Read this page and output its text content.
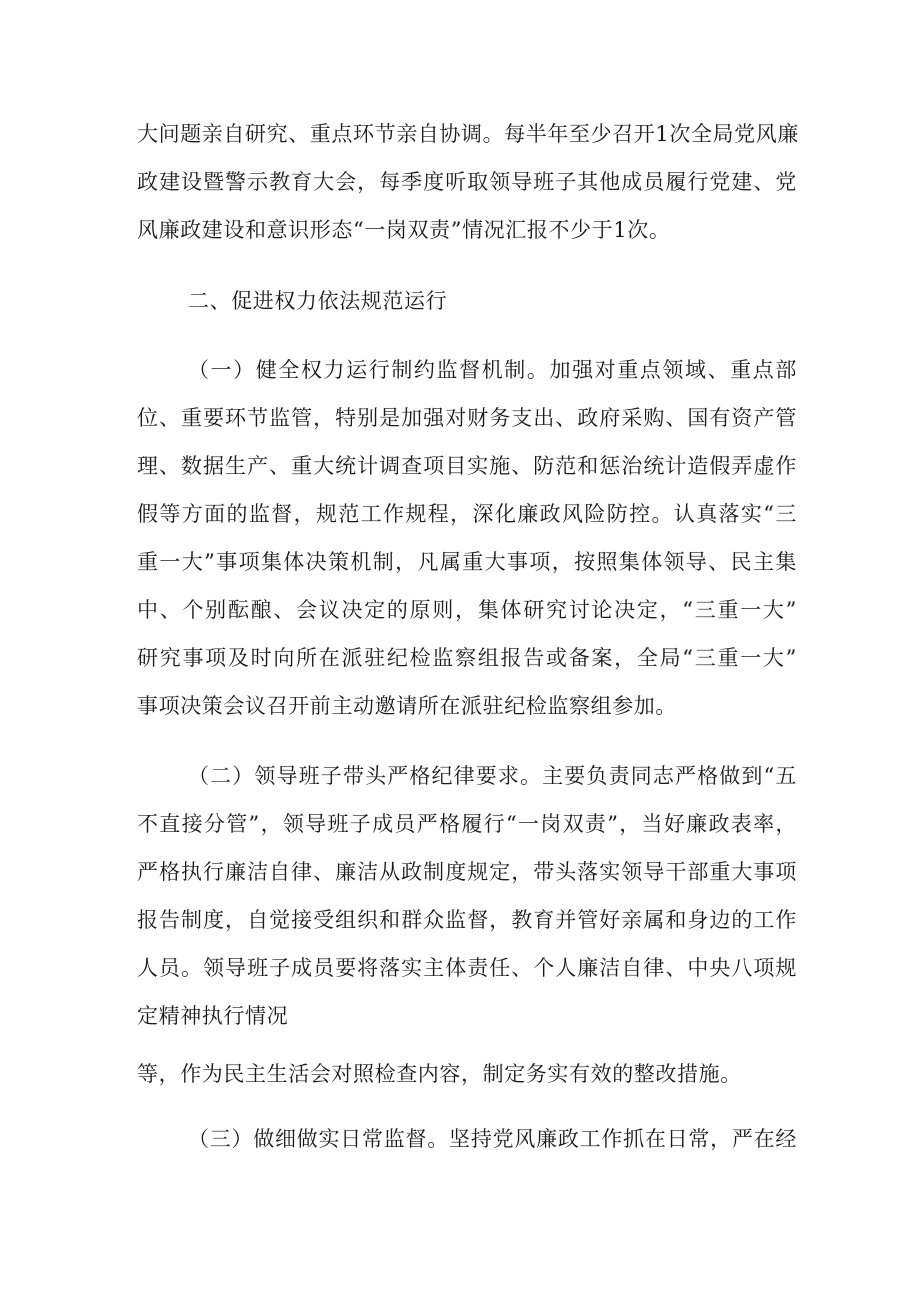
大问题亲自研究、重点环节亲自协调。每半年至少召开1次全局党风廉
政建设暨警示教育大会，每季度听取领导班子其他成员履行党建、党
风廉政建设和意识形态“一岗双责”情况汇报不少于1次。
二、促进权力依法规范运行
（一）健全权力运行制约监督机制。加强对重点领域、重点部
位、重要环节监管，特别是加强对财务支出、政府采购、国有资产管
理、数据生产、重大统计调查项目实施、防范和惩治统计造假弄虚作
假等方面的监督，规范工作规程，深化廉政风险防控。认真落实“三
重一大”事项集体决策机制，凡属重大事项，按照集体领导、民主集
中、个别酝酿、会议决定的原则，集体研究讨论决定，“三重一大”
研究事项及时向所在派驻纪检监察组报告或备案，全局“三重一大”
事项决策会议召开前主动邀请所在派驻纪检监察组参加。
（二）领导班子带头严格纪律要求。主要负责同志严格做到“五
不直接分管”，领导班子成员严格履行“一岗双责”，当好廉政表率，
严格执行廉洁自律、廉洁从政制度规定，带头落实领导干部重大事项
报告制度，自觉接受组织和群众监督，教育并管好亲属和身边的工作
人员。领导班子成员要将落实主体责任、个人廉洁自律、中央八项规
定精神执行情况
等，作为民主生活会对照检查内容，制定务实有效的整改措施。
（三）做细做实日常监督。坚持党风廉政工作抓在日常，严在经
